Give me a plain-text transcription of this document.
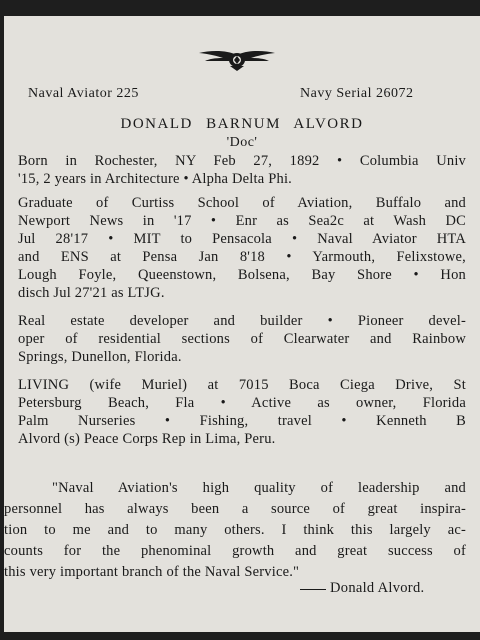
Naval Aviator 225	Navy Serial 26072
DONALD BARNUM ALVORD
'Doc'
Born in Rochester, NY Feb 27, 1892 • Columbia Univ
'15, 2 years in Architecture • Alpha Delta Phi.
Graduate of Curtiss School of Aviation, Buffalo and
Newport News in '17 • Enr as Sea2c at Wash DC
Jul 28'17 • MIT to Pensacola • Naval Aviator HTA
and ENS at Pensa Jan 8'18 • Yarmouth, Felixstowe,
Lough Foyle, Queenstown, Bolsena, Bay Shore • Hon
disch Jul 27'21 as LTJG.
Real estate developer and builder • Pioneer devel-
oper of residential sections of Clearwater and Rainbow
Springs, Dunellon, Florida.
LIVING (wife Muriel) at 7015 Boca Ciega Drive, St
Petersburg Beach, Fla • Active as owner, Florida
Palm Nurseries • Fishing, travel • Kenneth B
Alvord (s) Peace Corps Rep in Lima, Peru.
"Naval Aviation's high quality of leadership and
personnel has always been a source of great inspira-
tion to me and to many others. I think this largely ac-
counts for the phenominal growth and great success of
this very important branch of the Naval Service."
Donald Alvord.
